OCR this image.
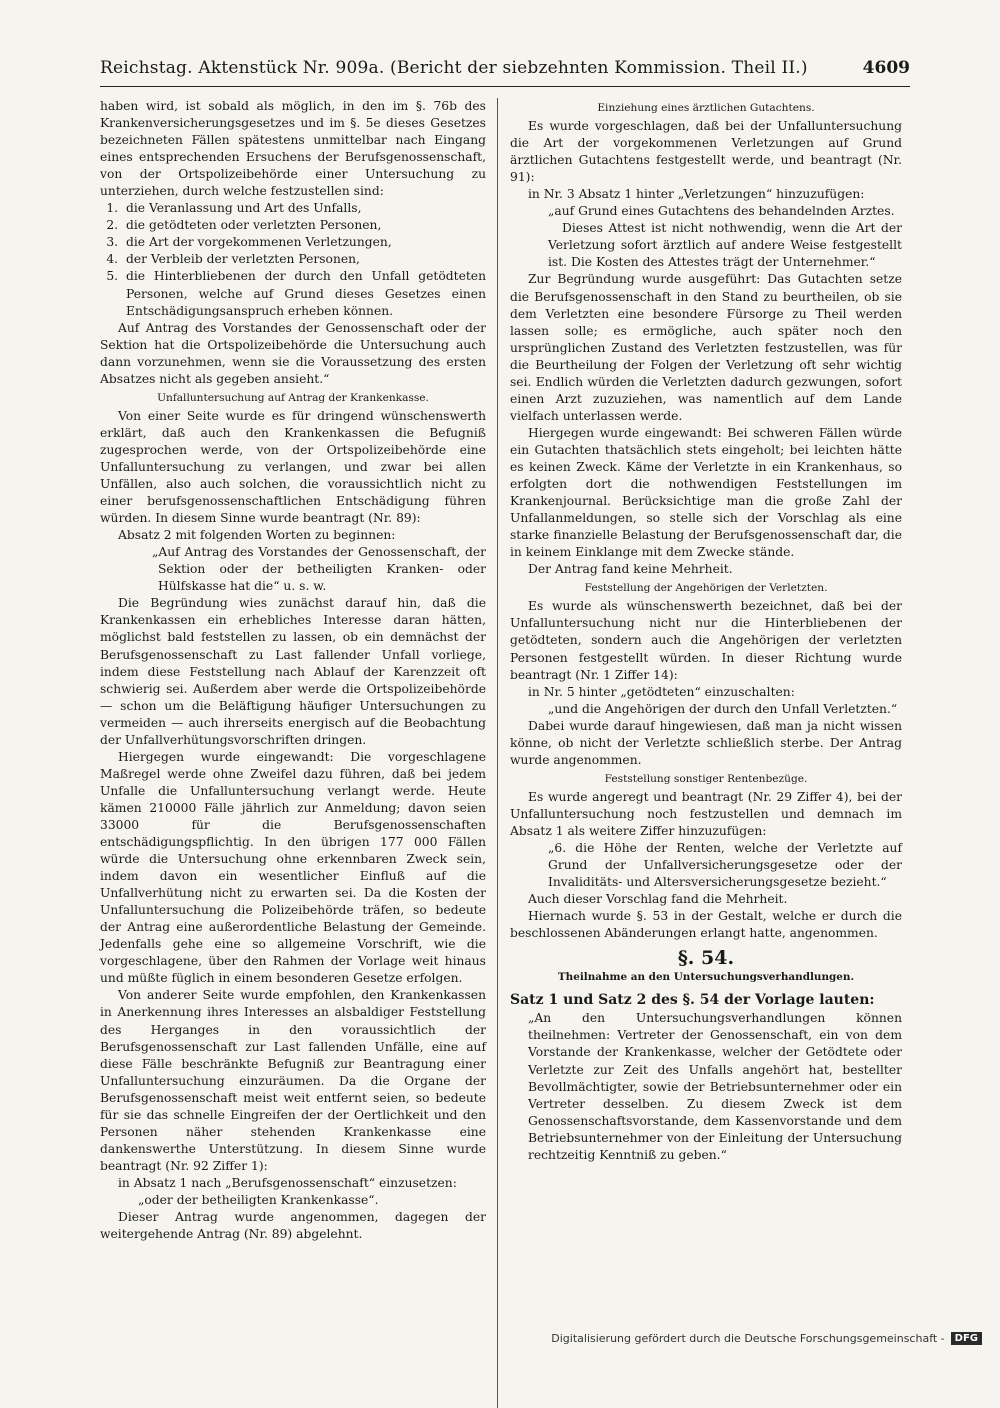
Reichstag. Aktenstück Nr. 909a. (Bericht der siebzehnten Kommission. Theil II.)	4609

haben wird, ist sobald als möglich, in den im §. 76b des Krankenversicherungsgesetzes und im §. 5e dieses Gesetzes bezeichneten Fällen spätestens unmittelbar nach Eingang eines entsprechenden Ersuchens der Berufsgenossenschaft, von der Ortspolizeibehörde einer Untersuchung zu unterziehen, durch welche festzustellen sind:

1. die Veranlassung und Art des Unfalls,
2. die getödteten oder verletzten Personen,
3. die Art der vorgekommenen Verletzungen,
4. der Verbleib der verletzten Personen,
5. die Hinterbliebenen der durch den Unfall getödteten Personen, welche auf Grund dieses Gesetzes einen Entschädigungsanspruch erheben können.

Auf Antrag des Vorstandes der Genossenschaft oder der Sektion hat die Ortspolizeibehörde die Untersuchung auch dann vorzunehmen, wenn sie die Voraussetzung des ersten Absatzes nicht als gegeben ansieht.“

Unfalluntersuchung auf Antrag der Krankenkasse.

Von einer Seite wurde es für dringend wünschenswerth erklärt, daß auch den Krankenkassen die Befugniß zugesprochen werde, von der Ortspolizeibehörde eine Unfalluntersuchung zu verlangen, und zwar bei allen Unfällen, also auch solchen, die voraussichtlich nicht zu einer berufsgenossenschaftlichen Entschädigung führen würden. In diesem Sinne wurde beantragt (Nr. 89):

Absatz 2 mit folgenden Worten zu beginnen:

„Auf Antrag des Vorstandes der Genossenschaft, der Sektion oder der betheiligten Kranken- oder Hülfskasse hat die“ u. s. w.

Die Begründung wies zunächst darauf hin, daß die Krankenkassen ein erhebliches Interesse daran hätten, möglichst bald feststellen zu lassen, ob ein demnächst der Berufsgenossenschaft zu Last fallender Unfall vorliege, indem diese Feststellung nach Ablauf der Karenzzeit oft schwierig sei. Außerdem aber werde die Ortspolizeibehörde — schon um die Beläftigung häufiger Untersuchungen zu vermeiden — auch ihrerseits energisch auf die Beobachtung der Unfallverhütungsvorschriften dringen.

Hiergegen wurde eingewandt: Die vorgeschlagene Maßregel werde ohne Zweifel dazu führen, daß bei jedem Unfalle die Unfalluntersuchung verlangt werde. Heute kämen 210000 Fälle jährlich zur Anmeldung; davon seien 33000 für die Berufsgenossenschaften entschädigungspflichtig. In den übrigen 177 000 Fällen würde die Untersuchung ohne erkennbaren Zweck sein, indem davon ein wesentlicher Einfluß auf die Unfallverhütung nicht zu erwarten sei. Da die Kosten der Unfalluntersuchung die Polizeibehörde träfen, so bedeute der Antrag eine außerordentliche Belastung der Gemeinde. Jedenfalls gehe eine so allgemeine Vorschrift, wie die vorgeschlagene, über den Rahmen der Vorlage weit hinaus und müßte füglich in einem besonderen Gesetze erfolgen.

Von anderer Seite wurde empfohlen, den Krankenkassen in Anerkennung ihres Interesses an alsbaldiger Feststellung des Herganges in den voraussichtlich der Berufsgenossenschaft zur Last fallenden Unfälle, eine auf diese Fälle beschränkte Befugniß zur Beantragung einer Unfalluntersuchung einzuräumen. Da die Organe der Berufsgenossenschaft meist weit entfernt seien, so bedeute für sie das schnelle Eingreifen der der Oertlichkeit und den Personen näher stehenden Krankenkasse eine dankenswerthe Unterstützung. In diesem Sinne wurde beantragt (Nr. 92 Ziffer 1):

in Absatz 1 nach „Berufsgenossenschaft“ einzusetzen:

„oder der betheiligten Krankenkasse“.

Dieser Antrag wurde angenommen, dagegen der weitergehende Antrag (Nr. 89) abgelehnt.

Einziehung eines ärztlichen Gutachtens.

Es wurde vorgeschlagen, daß bei der Unfalluntersuchung die Art der vorgekommenen Verletzungen auf Grund ärztlichen Gutachtens festgestellt werde, und beantragt (Nr. 91):

in Nr. 3 Absatz 1 hinter „Verletzungen“ hinzuzufügen:

„auf Grund eines Gutachtens des behandelnden Arztes.

Dieses Attest ist nicht nothwendig, wenn die Art der Verletzung sofort ärztlich auf andere Weise festgestellt ist. Die Kosten des Attestes trägt der Unternehmer.“

Zur Begründung wurde ausgeführt: Das Gutachten setze die Berufsgenossenschaft in den Stand zu beurtheilen, ob sie dem Verletzten eine besondere Fürsorge zu Theil werden lassen solle; es ermögliche, auch später noch den ursprünglichen Zustand des Verletzten festzustellen, was für die Beurtheilung der Folgen der Verletzung oft sehr wichtig sei. Endlich würden die Verletzten dadurch gezwungen, sofort einen Arzt zuzuziehen, was namentlich auf dem Lande vielfach unterlassen werde.

Hiergegen wurde eingewandt: Bei schweren Fällen würde ein Gutachten thatsächlich stets eingeholt; bei leichten hätte es keinen Zweck. Käme der Verletzte in ein Krankenhaus, so erfolgten dort die nothwendigen Feststellungen im Krankenjournal. Berücksichtige man die große Zahl der Unfallanmeldungen, so stelle sich der Vorschlag als eine starke finanzielle Belastung der Berufsgenossenschaft dar, die in keinem Einklange mit dem Zwecke stände.

Der Antrag fand keine Mehrheit.

Feststellung der Angehörigen der Verletzten.

Es wurde als wünschenswerth bezeichnet, daß bei der Unfalluntersuchung nicht nur die Hinterbliebenen der getödteten, sondern auch die Angehörigen der verletzten Personen festgestellt würden. In dieser Richtung wurde beantragt (Nr. 1 Ziffer 14):

in Nr. 5 hinter „getödteten“ einzuschalten:

„und die Angehörigen der durch den Unfall Verletzten.“

Dabei wurde darauf hingewiesen, daß man ja nicht wissen könne, ob nicht der Verletzte schließlich sterbe. Der Antrag wurde angenommen.

Feststellung sonstiger Rentenbezüge.

Es wurde angeregt und beantragt (Nr. 29 Ziffer 4), bei der Unfalluntersuchung noch festzustellen und demnach im Absatz 1 als weitere Ziffer hinzuzufügen:

„6. die Höhe der Renten, welche der Verletzte auf Grund der Unfallversicherungsgesetze oder der Invaliditäts- und Altersversicherungsgesetze bezieht.“

Auch dieser Vorschlag fand die Mehrheit.

Hiernach wurde §. 53 in der Gestalt, welche er durch die beschlossenen Abänderungen erlangt hatte, angenommen.

§. 54.
Theilnahme an den Untersuchungsverhandlungen.

Satz 1 und Satz 2 des §. 54 der Vorlage lauten:

„An den Untersuchungsverhandlungen können theilnehmen: Vertreter der Genossenschaft, ein von dem Vorstande der Krankenkasse, welcher der Getödtete oder Verletzte zur Zeit des Unfalls angehört hat, bestellter Bevollmächtigter, sowie der Betriebsunternehmer oder ein Vertreter desselben. Zu diesem Zweck ist dem Genossenschaftsvorstande, dem Kassenvorstande und dem Betriebsunternehmer von der Einleitung der Untersuchung rechtzeitig Kenntniß zu geben.“

Digitalisierung gefördert durch die Deutsche Forschungsgemeinschaft -	DFG
